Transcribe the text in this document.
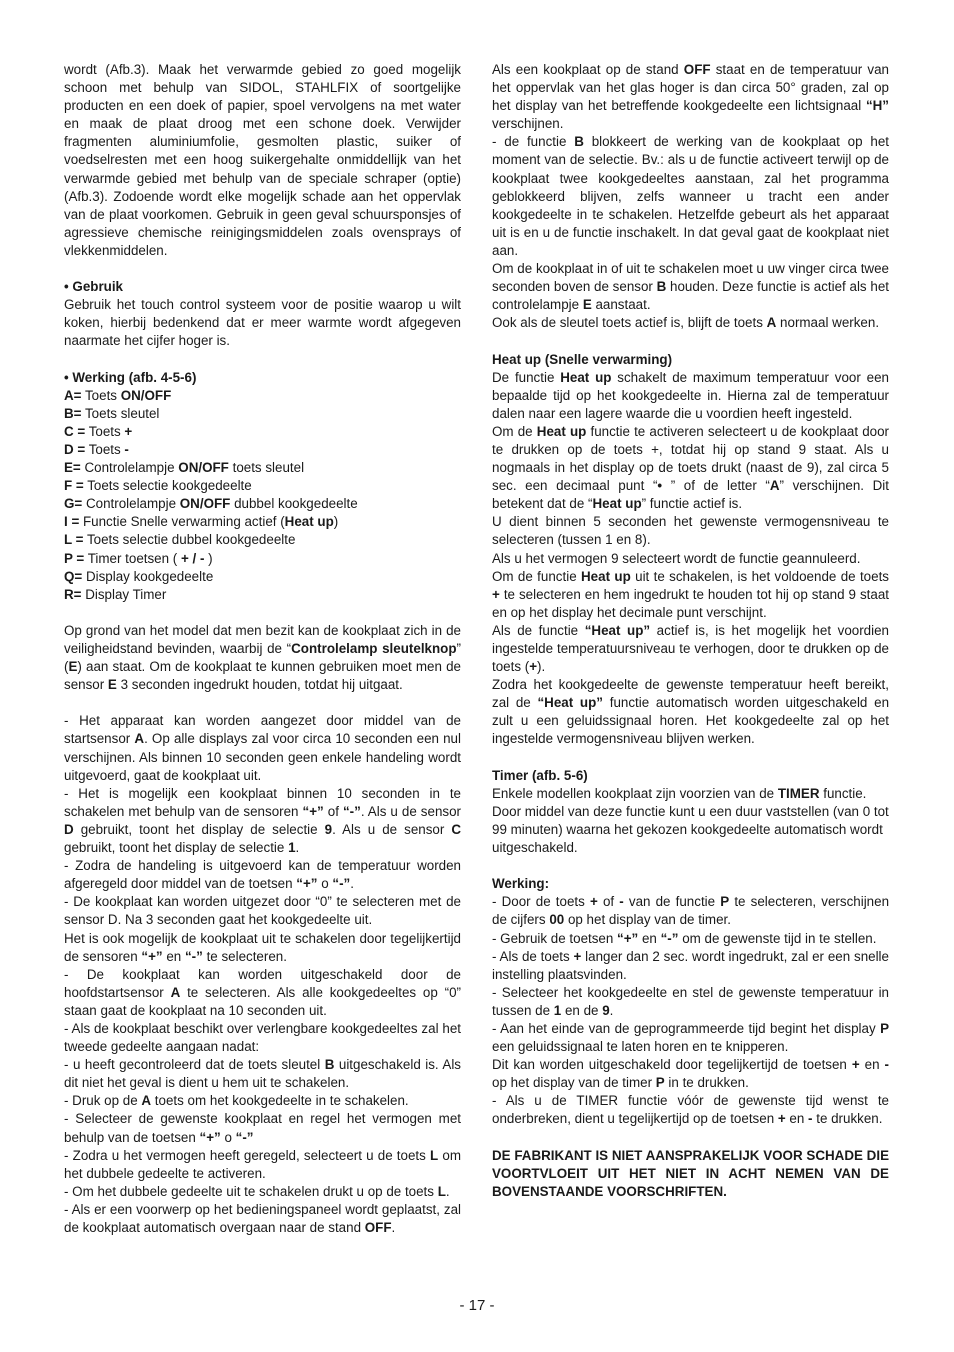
wordt (Afb.3). Maak het verwarmde gebied zo goed mogelijk schoon met behulp van SIDOL, STAHLFIX of soortgelijke producten en een doek of papier, spoel vervolgens na met water en maak de plaat droog met een schone doek. Verwijder fragmenten aluminiumfolie, gesmolten plastic, suiker of voedselresten met een hoog suikergehalte onmiddellijk van het verwarmde gebied met behulp van de speciale schraper (optie) (Afb.3). Zodoende wordt elke mogelijk schade aan het oppervlak van de plaat voorkomen. Gebruik in geen geval schuursponsjes of agressieve chemische reinigingsmiddelen zoals ovensprays of vlekkenmiddelen.

• Gebruik

Gebruik het touch control systeem voor de positie waarop u wilt koken, hierbij bedenkend dat er meer warmte wordt afgegeven naarmate het cijfer hoger is.

• Werking (afb. 4-5-6)

A= Toets ON/OFF

B= Toets sleutel

C = Toets +

D = Toets -

E= Controlelampje ON/OFF toets sleutel

F = Toets selectie kookgedeelte

G= Controlelampje ON/OFF dubbel kookgedeelte

I = Functie Snelle verwarming actief (Heat up)

L = Toets selectie dubbel kookgedeelte

P = Timer toetsen ( + / - )

Q= Display kookgedeelte

R= Display Timer

Op grond van het model dat men bezit kan de kookplaat zich in de veiligheidstand bevinden, waarbij de “Controlelamp sleutelknop” (E) aan staat. Om de kookplaat te kunnen gebruiken moet men de sensor E 3 seconden ingedrukt houden, totdat hij uitgaat.

- Het apparaat kan worden aangezet door middel van de startsensor A. Op alle displays zal voor circa 10 seconden een nul verschijnen. Als binnen 10 seconden geen enkele handeling wordt uitgevoerd, gaat de kookplaat uit.

- Het is mogelijk een kookplaat binnen 10 seconden in te schakelen met behulp van de sensoren “+” of “-”. Als u de sensor D gebruikt, toont het display de selectie 9. Als u de sensor C gebruikt, toont het display de selectie 1.

- Zodra de handeling is uitgevoerd kan de temperatuur worden afgeregeld door middel van de toetsen “+” o “-”.

- De kookplaat kan worden uitgezet door “0” te selecteren met de sensor D. Na 3 seconden gaat het kookgedeelte uit.

Het is ook mogelijk de kookplaat uit te schakelen door tegelijkertijd de sensoren “+” en “-” te selecteren.

- De kookplaat kan worden uitgeschakeld door de hoofdstartsensor A te selecteren. Als alle kookgedeeltes op “0” staan gaat de kookplaat na 10 seconden uit.

- Als de kookplaat beschikt over verlengbare kookgedeeltes zal het tweede gedeelte aangaan nadat:

- u heeft gecontroleerd dat de toets sleutel B uitgeschakeld is. Als dit niet het geval is dient u hem uit te schakelen.

- Druk op de A toets om het kookgedeelte in te schakelen.

- Selecteer de gewenste kookplaat en regel het vermogen met behulp van de toetsen “+” o “-”

- Zodra u het vermogen heeft geregeld, selecteert u de toets L om het dubbele gedeelte te activeren.

- Om het dubbele gedeelte uit te schakelen drukt u op de toets L.

- Als er een voorwerp op het bedieningspaneel wordt geplaatst, zal de kookplaat automatisch overgaan naar de stand OFF.

Als een kookplaat op de stand OFF staat en de temperatuur van het oppervlak van het glas hoger is dan circa 50° graden, zal op het display van het betreffende kookgedeelte een lichtsignaal “H” verschijnen.

- de functie B blokkeert de werking van de kookplaat op het moment van de selectie. Bv.: als u de functie activeert terwijl op de kookplaat twee kookgedeeltes aanstaan, zal het programma geblokkeerd blijven, zelfs wanneer u tracht een ander kookgedeelte in te schakelen. Hetzelfde gebeurt als het apparaat uit is en u de functie inschakelt. In dat geval gaat de kookplaat niet aan.

Om de kookplaat in of uit te schakelen moet u uw vinger circa twee seconden boven de sensor B houden. Deze functie is actief als het controlelampje E aanstaat.

Ook als de sleutel toets actief is, blijft de toets A normaal werken.

Heat up (Snelle verwarming)

De functie Heat up schakelt de maximum temperatuur voor een bepaalde tijd op het kookgedeelte in. Hierna zal de temperatuur dalen naar een lagere waarde die u voordien heeft ingesteld.

Om de Heat up functie te activeren selecteert u de kookplaat door te drukken op de toets +, totdat hij op stand 9 staat. Als u nogmaals in het display op de toets drukt (naast de 9), zal circa 5 sec. een decimaal punt “• ” of de letter “A” verschijnen. Dit betekent dat de “Heat up” functie actief is.

U dient binnen 5 seconden het gewenste vermogensniveau te selecteren (tussen 1 en 8).

Als u het vermogen 9 selecteert wordt de functie geannuleerd.

Om de functie Heat up uit te schakelen, is het voldoende de toets + te selecteren en hem ingedrukt te houden tot hij op stand 9 staat en op het display het decimale punt verschijnt.

Als de functie “Heat up” actief is, is het mogelijk het voordien ingestelde temperatuursniveau te verhogen, door te drukken op de toets (+).

Zodra het kookgedeelte de gewenste temperatuur heeft bereikt, zal de “Heat up” functie automatisch worden uitgeschakeld en zult u een geluidssignaal horen. Het kookgedeelte zal op het ingestelde vermogensniveau blijven werken.

Timer (afb. 5-6)

Enkele modellen kookplaat zijn voorzien van de TIMER functie.

Door middel van deze functie kunt u een duur vaststellen (van 0 tot 99 minuten) waarna het gekozen kookgedeelte automatisch wordt uitgeschakeld.

Werking:

- Door de toets + of - van de functie P te selecteren, verschijnen de cijfers 00 op het display van de timer.

- Gebruik de toetsen “+” en “-” om de gewenste tijd in te stellen.

- Als de toets + langer dan 2 sec. wordt ingedrukt, zal er een snelle instelling plaatsvinden.

- Selecteer het kookgedeelte en stel de gewenste temperatuur in tussen de 1 en de 9.

- Aan het einde van de geprogrammeerde tijd begint het display P een geluidssignaal te laten horen en te knipperen.

Dit kan worden uitgeschakeld door tegelijkertijd de toetsen + en - op het display van de timer P in te drukken.

- Als u de TIMER functie vóór de gewenste tijd wenst te onderbreken, dient u tegelijkertijd op de toetsen + en - te drukken.

DE FABRIKANT IS NIET AANSPRAKELIJK VOOR SCHADE DIE VOORTVLOEIT UIT HET NIET IN ACHT NEMEN VAN DE BOVENSTAANDE VOORSCHRIFTEN.

- 17 -
